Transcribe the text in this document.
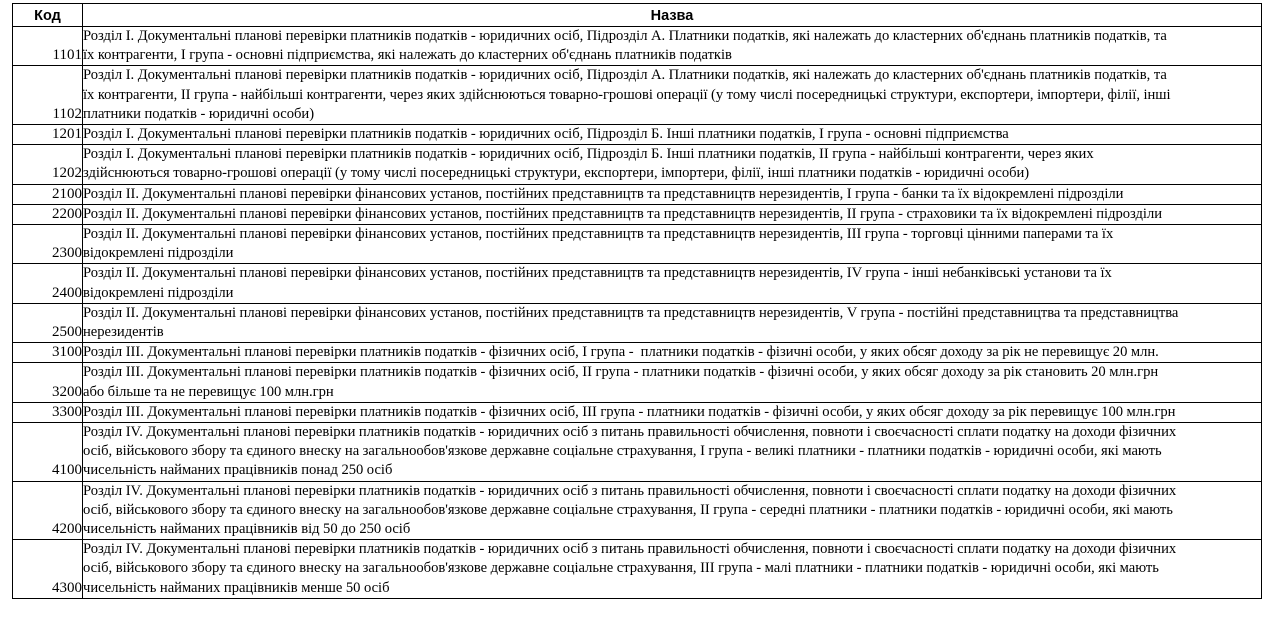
Код	Назва
1101	Розділ I. Документальні планові перевірки платників податків - юридичних осіб, Підрозділ А. Платники податків, які належать до кластерних об'єднань платників податків, та
їх контрагенти, I група - основні підприємства, які належать до кластерних об'єднань платників податків

1102	Розділ I. Документальні планові перевірки платників податків - юридичних осіб, Підрозділ А. Платники податків, які належать до кластерних об'єднань платників податків, та
їх контрагенти, II група - найбільші контрагенти, через яких здійснюються товарно-грошові операції (у тому числі посередницькі структури, експортери, імпортери, філії, інші
платники податків - юридичні особи)

1201	Розділ I. Документальні планові перевірки платників податків - юридичних осіб, Підрозділ Б. Інші платники податків, I група - основні підприємства

1202	Розділ I. Документальні планові перевірки платників податків - юридичних осіб, Підрозділ Б. Інші платники податків, II група - найбільші контрагенти, через яких
здійснюються товарно-грошові операції (у тому числі посередницькі структури, експортери, імпортери, філії, інші платники податків - юридичні особи)

2100	Розділ II. Документальні планові перевірки фінансових установ, постійних представництв та представництв нерезидентів, I група - банки та їх відокремлені підрозділи

2200	Розділ II. Документальні планові перевірки фінансових установ, постійних представництв та представництв нерезидентів, II група - страховики та їх відокремлені підрозділи

2300	Розділ II. Документальні планові перевірки фінансових установ, постійних представництв та представництв нерезидентів, III група - торговці цінними паперами та їх
відокремлені підрозділи

2400	Розділ II. Документальні планові перевірки фінансових установ, постійних представництв та представництв нерезидентів, IV група - інші небанківські установи та їх
відокремлені підрозділи

2500	Розділ II. Документальні планові перевірки фінансових установ, постійних представництв та представництв нерезидентів, V група - постійні представництва та представництва
нерезидентів

3100	Розділ III. Документальні планові перевірки платників податків - фізичних осіб, I група -  платники податків - фізичні особи, у яких обсяг доходу за рік не перевищує 20 млн.

3200	Розділ III. Документальні планові перевірки платників податків - фізичних осіб, II група - платники податків - фізичні особи, у яких обсяг доходу за рік становить 20 млн.грн
або більше та не перевищує 100 млн.грн

3300	Розділ III. Документальні планові перевірки платників податків - фізичних осіб, III група - платники податків - фізичні особи, у яких обсяг доходу за рік перевищує 100 млн.грн

4100	Розділ IV. Документальні планові перевірки платників податків - юридичних осіб з питань правильності обчислення, повноти і своєчасності сплати податку на доходи фізичних
осіб, військового збору та єдиного внеску на загальнообов'язкове державне соціальне страхування, I група - великі платники - платники податків - юридичні особи, які мають
чисельність найманих працівників понад 250 осіб

4200	Розділ IV. Документальні планові перевірки платників податків - юридичних осіб з питань правильності обчислення, повноти і своєчасності сплати податку на доходи фізичних
осіб, військового збору та єдиного внеску на загальнообов'язкове державне соціальне страхування, II група - середні платники - платники податків - юридичні особи, які мають
чисельність найманих працівників від 50 до 250 осіб

4300	Розділ IV. Документальні планові перевірки платників податків - юридичних осіб з питань правильності обчислення, повноти і своєчасності сплати податку на доходи фізичних
осіб, військового збору та єдиного внеску на загальнообов'язкове державне соціальне страхування, III група - малі платники - платники податків - юридичні особи, які мають
чисельність найманих працівників менше 50 осіб
